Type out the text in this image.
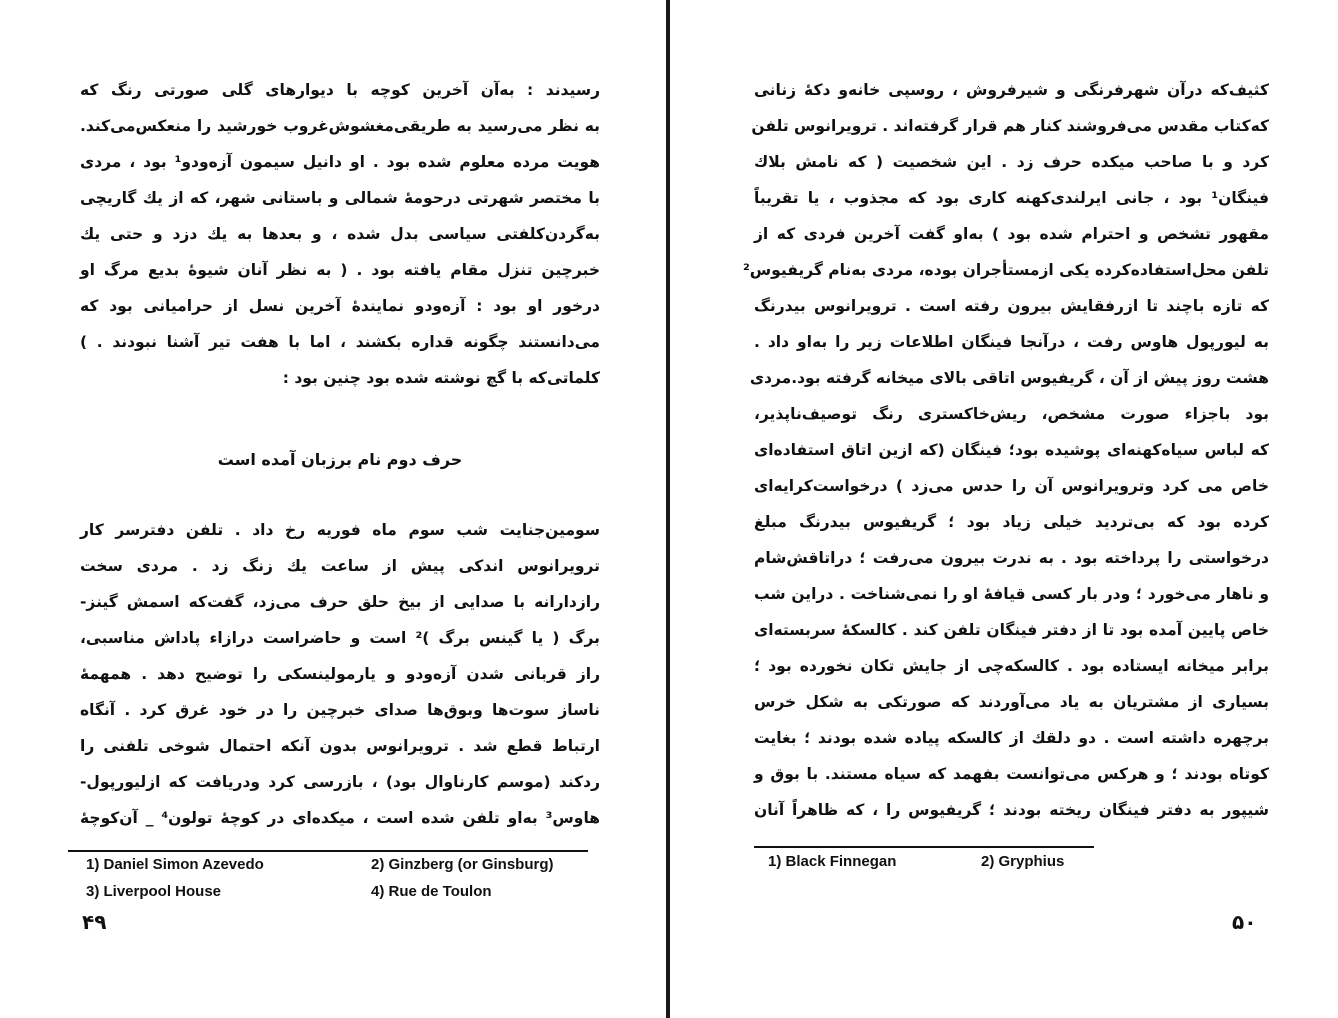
رسیدند : به‌آن آخرین کوچه با دیوارهای گلی صورتی رنگ که
به نظر می‌رسید به طریقی‌مغشوش‌غروب خورشید را منعکس‌می‌کند.
هویت مرده معلوم شده بود . او دانیل سیمون آزه‌ودو¹ بود ، مردی
با مختصر شهرتی درحومهٔ شمالی و باستانی شهر، که از یك گاریچی
به‌گردن‌کلفتی سیاسی بدل شده ، و بعدها به یك دزد و حتی یك
خبرچین تنزل مقام یافته بود . ( به نظر آنان شیوهٔ بدیع مرگ او
درخور او بود : آزه‌ودو نمایندهٔ آخرین نسل از حرامیانی بود که
می‌دانستند چگونه قداره بکشند ، اما با هفت تیر آشنا نبودند . )
کلماتی‌که با گچ نوشته شده بود چنین بود :
حرف دوم نام برزبان آمده است
سومین‌جنایت شب سوم ماه فوریه رخ داد . تلفن دفترسر کار
ترویرانوس اندکی پیش از ساعت یك زنگ زد . مردی سخت
رازدارانه با صدایی از بیخ حلق حرف می‌زد، گفت‌که اسمش گینز-
برگ ( یا گینس برگ )² است و حاضراست درازاء پاداش مناسبی،
راز قربانی شدن آزه‌ودو و یارمولینسکی را توضیح دهد . همهمهٔ
ناساز سوت‌ها وبوق‌ها صدای خبرچین را در خود غرق کرد . آنگاه
ارتباط قطع شد . ترویرانوس بدون آنکه احتمال شوخی تلفنی را
ردکند (موسم کارناوال بود) ، بازرسی کرد ودریافت که ازلیورپول-
هاوس³ به‌او تلفن شده است ، میکده‌ای در کوچهٔ تولون⁴ _ آن‌کوچهٔ
1) Daniel Simon Azevedo	2) Ginzberg (or Ginsburg)
3) Liverpool House	4) Rue de Toulon
۴۹
کثیف‌که درآن شهرفرنگی و شیرفروش ، روسپی خانه‌و دکهٔ زنانی
که‌کتاب مقدس می‌فروشند کنار هم قرار گرفته‌اند . ترویرانوس تلفن
کرد و با صاحب میکده حرف زد . این شخصیت ( که نامش بلاك
فینگان¹ بود ، جانی ایرلندی‌کهنه کاری بود که مجذوب ، یا تقریباً
مقهور تشخص و احترام شده بود ) به‌او گفت آخرین فردی که از
تلفن محل‌استفاده‌کرده یکی ازمستأجران بوده، مردی به‌نام گریفیوس²
که تازه باچند تا ازرفقایش بیرون رفته است . ترویرانوس بیدرنگ
به لیورپول هاوس رفت ، درآنجا فینگان اطلاعات زیر را به‌او داد .
هشت روز پیش از آن ، گریفیوس اتاقی بالای میخانه گرفته بود.مردی
بود باجزاء صورت مشخص، ریش‌خاکستری رنگ توصیف‌ناپذیر،
که لباس سیاه‌کهنه‌ای پوشیده بود؛ فینگان (که ازین اتاق استفاده‌ای
خاص می کرد وترویرانوس آن را حدس می‌زد ) درخواست‌کرایه‌ای
کرده بود که بی‌تردید خیلی زیاد بود ؛ گریفیوس بیدرنگ مبلغ
درخواستی را پرداخته بود . به ندرت بیرون می‌رفت ؛ دراتاقش‌شام
و ناهار می‌خورد ؛ ودر بار کسی قیافهٔ او را نمی‌شناخت . دراین شب
خاص پایین آمده بود تا از دفتر فینگان تلفن کند . کالسکهٔ سربسته‌ای
برابر میخانه ایستاده بود . کالسکه‌چی از جایش تکان نخورده بود ؛
بسیاری از مشتریان به یاد می‌آوردند که صورتکی به شکل خرس
برچهره داشته است . دو دلقك از کالسکه پیاده شده بودند ؛ بغایت
کوتاه بودند ؛ و هرکس می‌توانست بفهمد که سیاه مستند. با بوق و
شیپور به دفتر فینگان ریخته بودند ؛ گریفیوس را ، که ظاهراً آنان
1) Black Finnegan	2) Gryphius
۵۰
